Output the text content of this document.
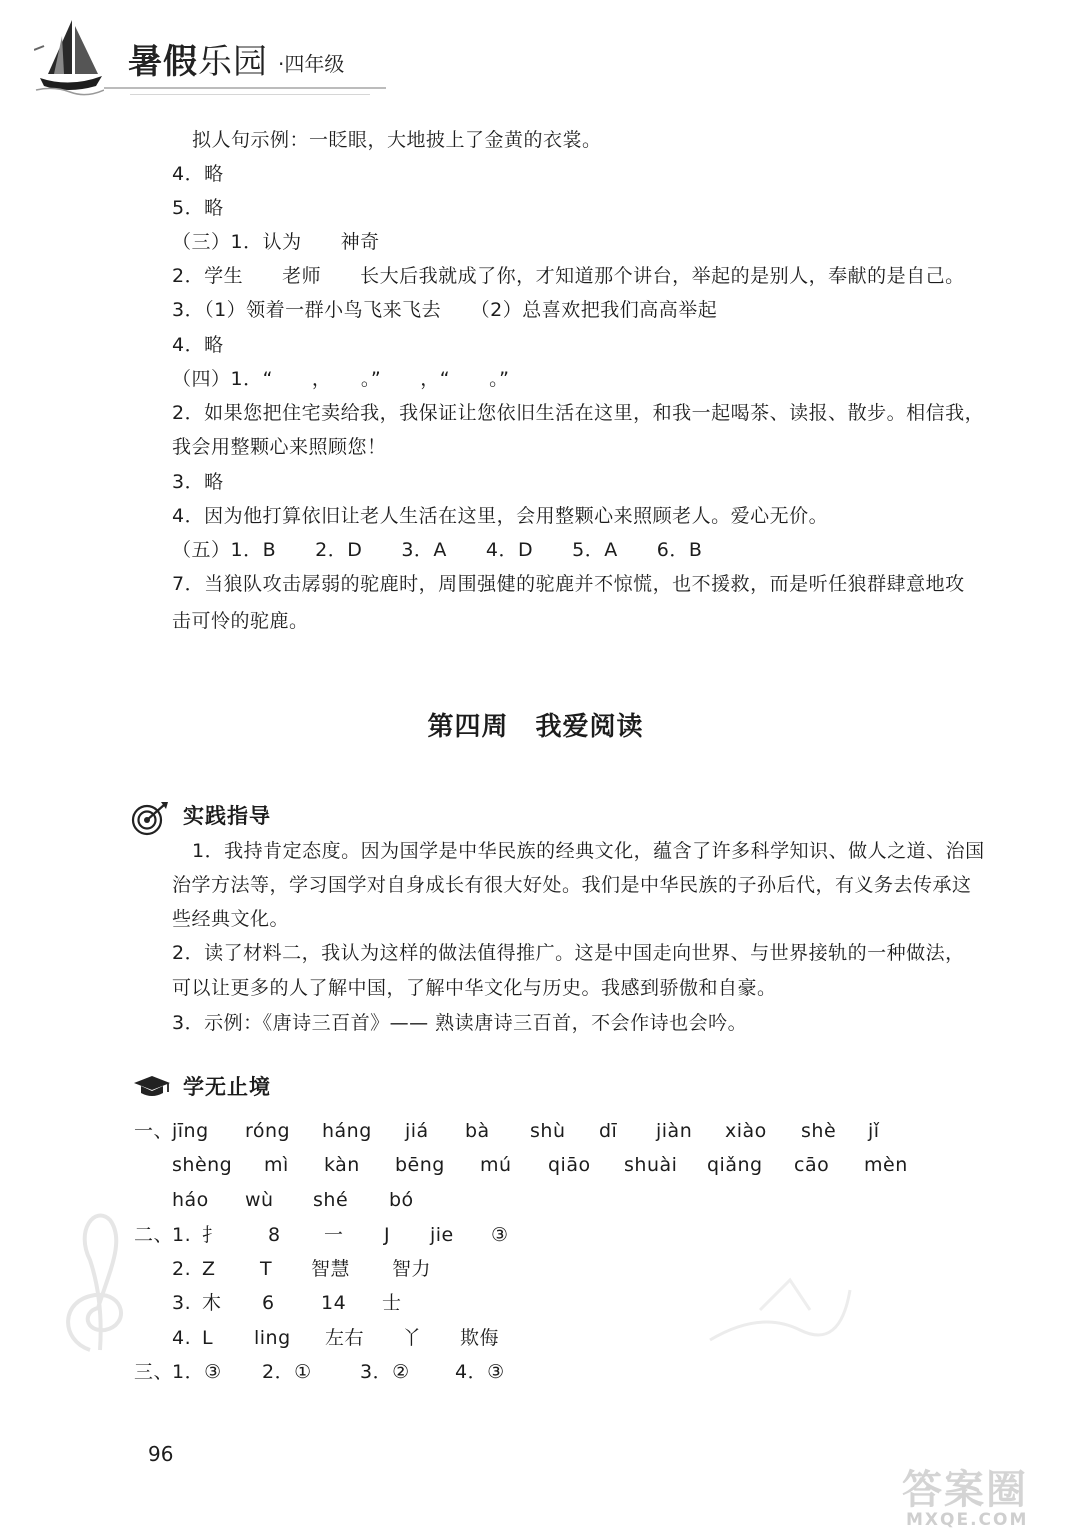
暑假乐园 ·四年级
拟人句示例：一眨眼，大地披上了金黄的衣裳。
4．略
5．略
（三）1．认为　　神奇
2．学生　　老师　　长大后我就成了你，才知道那个讲台，举起的是别人，奉献的是自己。
3．（1）领着一群小鸟飞来飞去　　（2）总喜欢把我们高高举起
4．略
（四）1．“　　，　　。”　　，“　　。”
2．如果您把住宅卖给我，我保证让您依旧生活在这里，和我一起喝茶、读报、散步。相信我，
我会用整颗心来照顾您！
3．略
4．因为他打算依旧让老人生活在这里，会用整颗心来照顾老人。爱心无价。
（五）1．B　　2．D　　3．A　　4．D　　5．A　　6．B
7．当狼队攻击孱弱的驼鹿时，周围强健的驼鹿并不惊慌，也不援救，而是听任狼群肆意地攻
击可怜的驼鹿。
第四周　我爱阅读
实践指导
1．我持肯定态度。因为国学是中华民族的经典文化，蕴含了许多科学知识、做人之道、治国
治学方法等，学习国学对自身成长有很大好处。我们是中华民族的子孙后代，有义务去传承这
些经典文化。
2．读了材料二，我认为这样的做法值得推广。这是中国走向世界、与世界接轨的一种做法，
可以让更多的人了解中国，了解中华文化与历史。我感到骄傲和自豪。
3．示例：《唐诗三百首》—— 熟读唐诗三百首，不会作诗也会吟。
学无止境
一、
jīng róng háng jiá bà shù dī jiàn xiào shè jǐ
shèng mì kàn bēng mú qiāo shuài qiǎng cāo mèn
háo wù shé bó
二、
1. 扌 8 一 J jie ③
2. Z T 智慧 智力
3. 木 6 14 士
4. L ling 左右 丫 欺侮
三、
1．③ 2．①	3．② 4．③
96
答案圈
MXQE.COM
